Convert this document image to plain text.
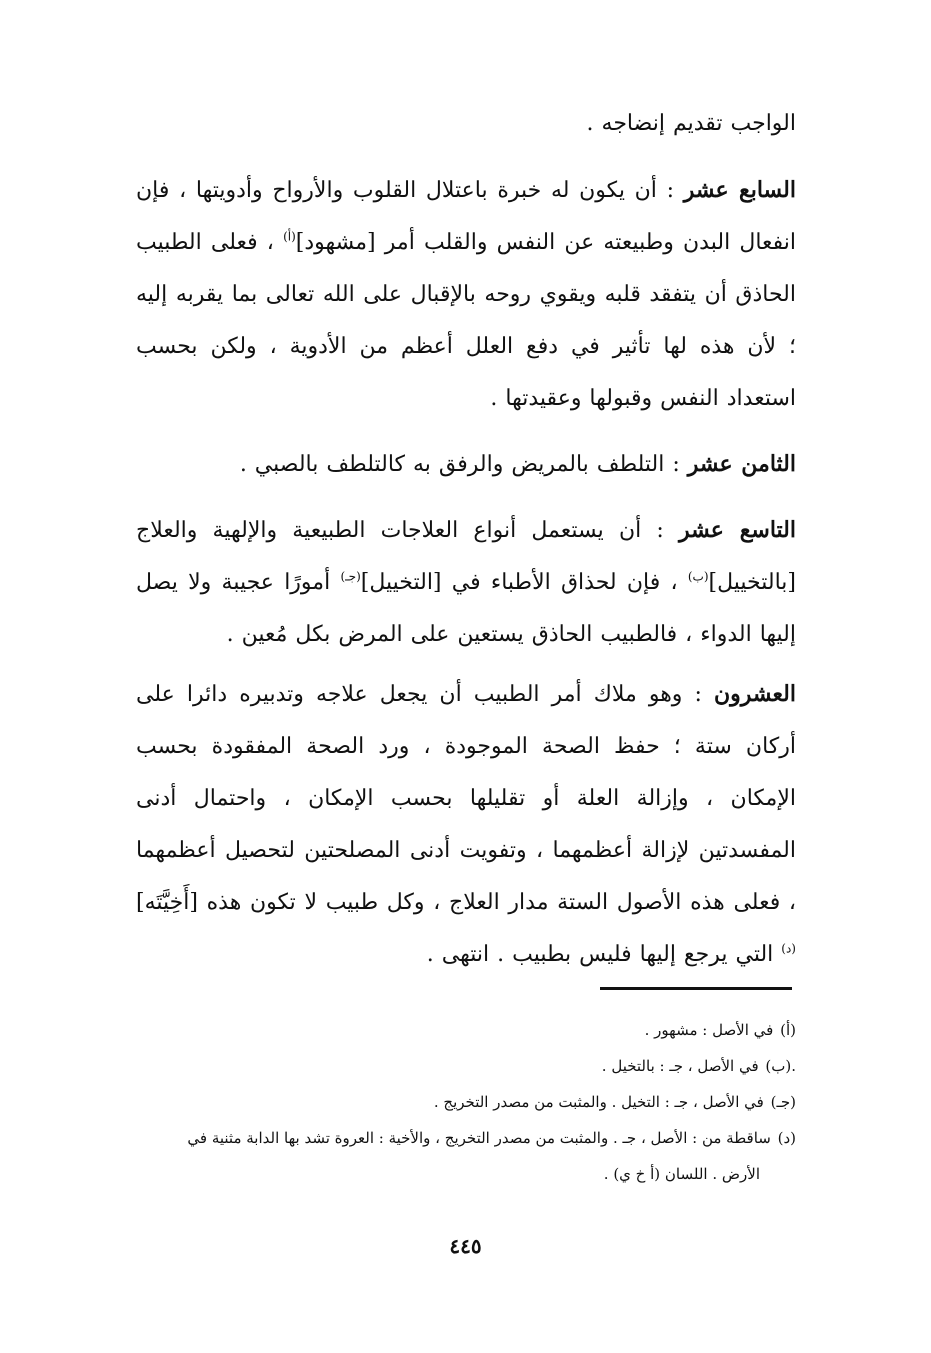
الواجب تقديم إنضاجه .
السابع عشر : أن يكون له خبرة باعتلال القلوب والأرواح وأدويتها ، فإن انفعال البدن وطبيعته عن النفس والقلب أمر [مشهود]$^{(أ)}$ ، فعلى الطبيب الحاذق أن يتفقد قلبه ويقوي روحه بالإقبال على الله تعالى بما يقربه إليه ؛ لأن هذه لها تأثير في دفع العلل أعظم من الأدوية ، ولكن بحسب استعداد النفس وقبولها وعقيدتها .
الثامن عشر : التلطف بالمريض والرفق به كالتلطف بالصبي .
التاسع عشر : أن يستعمل أنواع العلاجات الطبيعية والإلهية والعلاج [بالتخييل]$^{(ب)}$ ، فإن لحذاق الأطباء في [التخييل]$^{(جـ)}$ أمورًا عجيبة ولا يصل إليها الدواء ، فالطبيب الحاذق يستعين على المرض بكل مُعين .
العشرون : وهو ملاك أمر الطبيب أن يجعل علاجه وتدبيره دائرا على أركان ستة ؛ حفظ الصحة الموجودة ، ورد الصحة المفقودة بحسب الإمكان ، وإزالة العلة أو تقليلها بحسب الإمكان ، واحتمال أدنى المفسدتين لإزالة أعظمهما ، وتفويت أدنى المصلحتين لتحصيل أعظمهما ، فعلى هذه الأصول الستة مدار العلاج ، وكل طبيب لا تكون هذه [أَخِيَّتَه]$^{(د)}$ التي يرجع إليها فليس بطبيب . انتهى .

(أ) في الأصل : مشهور .

.(ب) في الأصل ، جـ : بالتخيل .

(جـ) في الأصل ، جـ : التخيل . والمثبت من مصدر التخريج .

(د) ساقطة من : الأصل ، جـ . والمثبت من مصدر التخريج ، والأخية : العروة تشد بها الدابة مثنية في
الأرض . اللسان (أ خ ي) .

٤٤٥
